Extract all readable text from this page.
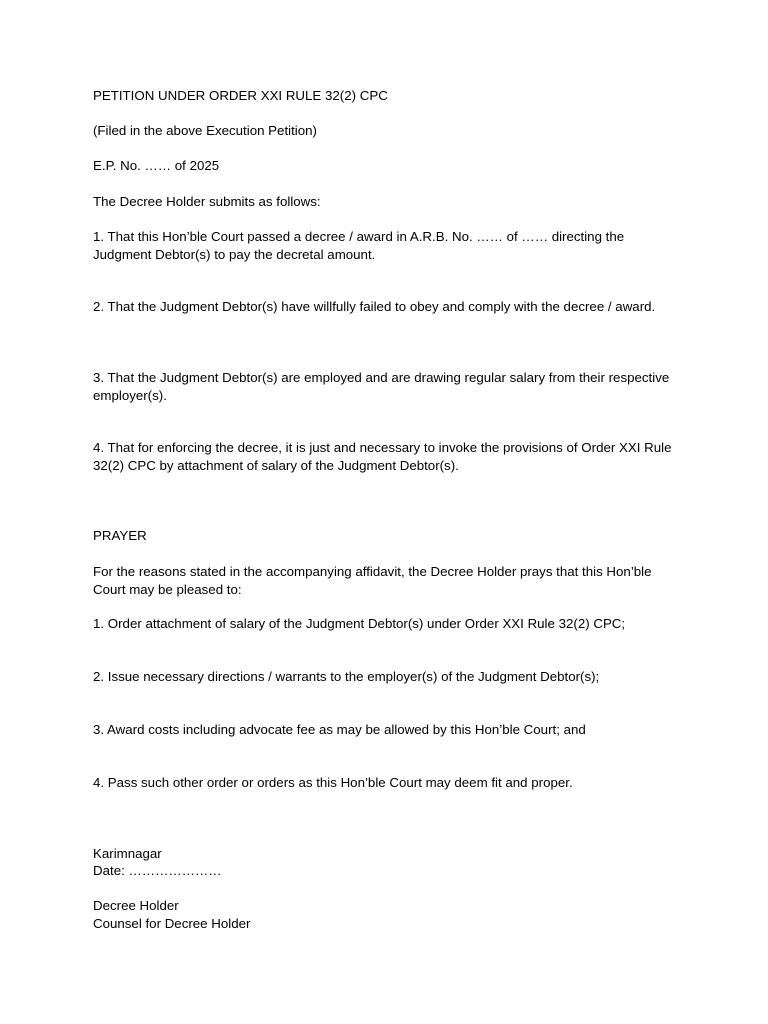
PETITION UNDER ORDER XXI RULE 32(2) CPC

(Filed in the above Execution Petition)

E.P. No. …… of 2025

The Decree Holder submits as follows:

1. That this Hon’ble Court passed a decree / award in A.R.B. No. …… of …… directing the Judgment Debtor(s) to pay the decretal amount.

2. That the Judgment Debtor(s) have willfully failed to obey and comply with the decree / award.

3. That the Judgment Debtor(s) are employed and are drawing regular salary from their respective employer(s).

4. That for enforcing the decree, it is just and necessary to invoke the provisions of Order XXI Rule 32(2) CPC by attachment of salary of the Judgment Debtor(s).

PRAYER

For the reasons stated in the accompanying affidavit, the Decree Holder prays that this Hon’ble Court may be pleased to:

1. Order attachment of salary of the Judgment Debtor(s) under Order XXI Rule 32(2) CPC;

2. Issue necessary directions / warrants to the employer(s) of the Judgment Debtor(s);

3. Award costs including advocate fee as may be allowed by this Hon’ble Court; and

4. Pass such other order or orders as this Hon’ble Court may deem fit and proper.

Karimnagar

Date: …………………

Decree Holder

Counsel for Decree Holder
